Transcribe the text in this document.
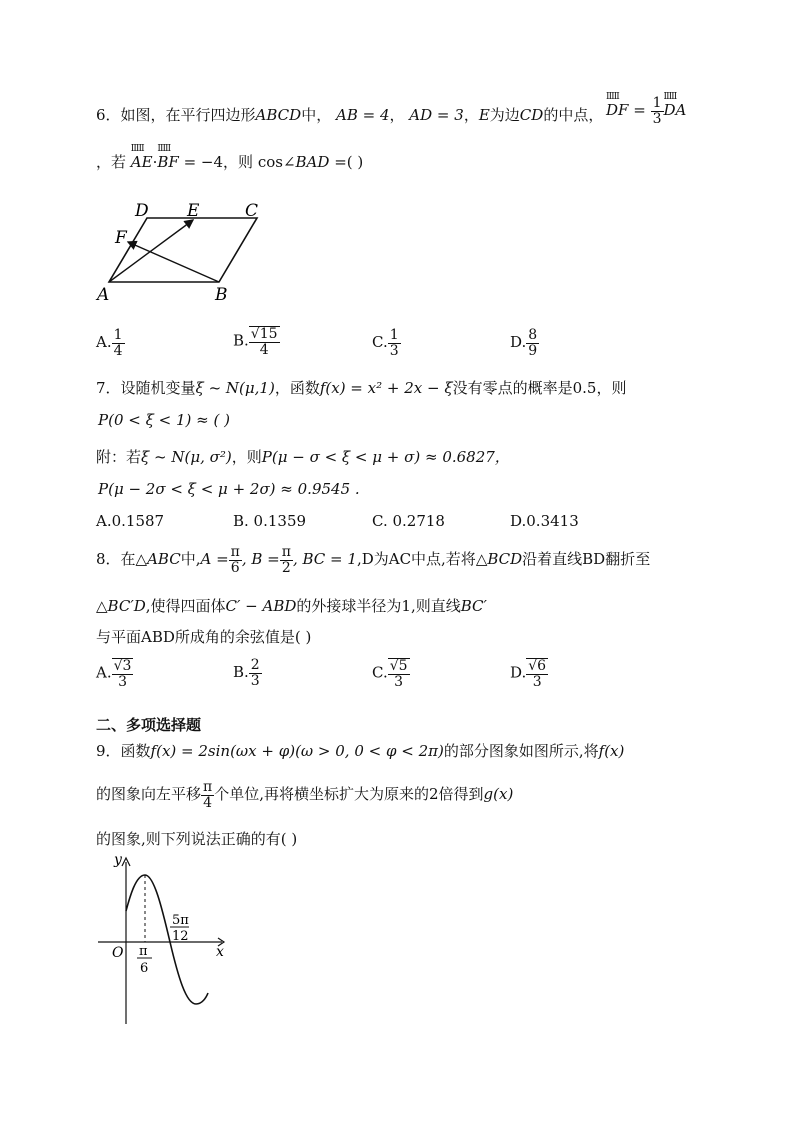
6．如图，在平行四边形ABCD中， AB = 4， AD = 3，E为边CD的中点，
ⅢⅡ
DF = $\frac{1}{3}$ ⅢⅡ
DA
，若
ⅢⅡ
AE·
ⅢⅡ
BF = −4，则 cos∠BAD =( )
D E	C
F
A	B
A. $\frac{1}{4}$	B. $\frac{√15}{4}$	C. $\frac{1}{3}$	D. $\frac{8}{9}$
7．设随机变量ξ ~ N(μ,1)，函数f(x) = x² + 2x − ξ没有零点的概率是0.5，则
P(0 < ξ < 1) ≈ ( )
附：若ξ ~ N(μ, σ²)，则P(μ − σ < ξ < μ + σ) ≈ 0.6827，
P(μ − 2σ < ξ < μ + 2σ) ≈ 0.9545 .
A.0.1587	B. 0.1359	C. 0.2718	D.0.3413
8．在△ABC中$,A = \frac{\pi}{6}$ , $B = \frac{\pi}{2}$ , BC = 1,D为AC中点,若将△BCD沿着直线BD翻折至
△BC′D,使得四面体C′ − ABD的外接球半径为1,则直线BC′
与平面ABD所成角的余弦值是( )
A. $\frac{√3}{3}$	B. $\frac{2}{3}$	C. $\frac{√5}{3}$	D. $\frac{√6}{3}$
二、多项选择题
9．函数f(x) = 2sin(ωx + φ)(ω > 0, 0 < φ < 2π)的部分图象如图所示,将f(x)
的图象向左平移 $\frac{\pi}{4}$ 个单位,再将横坐标扩大为原来的2倍得到g(x)
的图象,则下列说法正确的有( )
y
x
O π
6
5π
12
